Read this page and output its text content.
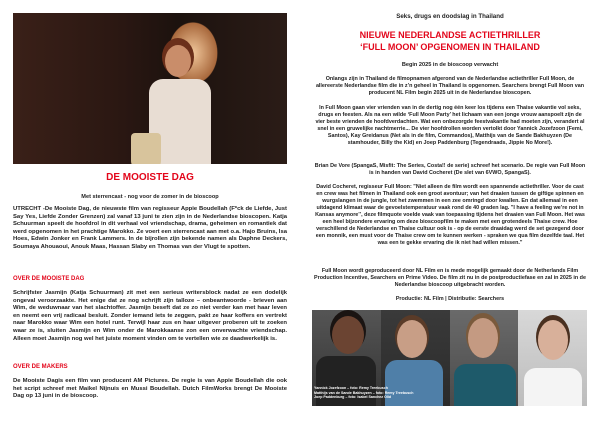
DE MOOISTE DAG
Met sterrencast - nog voor de zomer in de bioscoop

UTRECHT -De Mooiste Dag, de nieuwste film van regisseur Appie Boudellah (F*ck de Liefde, Just Say Yes, Liefde Zonder Grenzen) zal vanaf 13 juni te zien zijn in de Nederlandse bioscopen. Katja Schuurman speelt de hoofdrol in dit verhaal vol vriendschap, drama, geheimen en romantiek dat werd opgenomen in het prachtige Marokko. Ze voert een sterrencast aan met o.a. Hajo Bruins, Isa Hoes, Edwin Jonker en Frank Lammers. In de bijrollen zijn bekende namen als Daphne Deckers, Soumaya Ahouaoui, Anouk Maas, Hassan Slaby en Thomas van der Vlugt te spotten.

OVER DE MOOISTE DAG

Schrijfster Jasmijn (Katja Schuurman) zit met een serieus writersblock nadat ze een dodelijk ongeval veroorzaakte. Het enige dat ze nog schrijft zijn talloze – onbeantwoorde - brieven aan Wim, de weduwnaar van het slachtoffer. Jasmijn beseft dat ze zo niet verder kan met haar leven en neemt een vrij radicaal besluit. Zonder iemand iets te zeggen, pakt ze haar koffers en vertrekt naar Marokko waar Wim een hotel runt. Terwijl haar zus en haar uitgever proberen uit te zoeken waar ze is, sluiten Jasmijn en Wim onder de Marokkaanse zon een onverwachte vriendschap. Alleen moet Jasmijn nog wel het juiste moment vinden om te vertellen wie ze daadwerkelijk is.

OVER DE MAKERS

De Mooiste Dagis een film van producent AM Pictures. De regie is van Appie Boudellah die ook het script schreef met Maikel Nijnuis en Mussi Boudellah. Dutch FilmWorks brengt De Mooiste Dag op 13 juni in de bioscoop.

Seks, drugs en doodslag in Thailand
NIEUWE NEDERLANDSE ACTIETHRILLER
‘FULL MOON’ OPGENOMEN IN THAILAND
Begin 2025 in de bioscoop verwacht

Onlangs zijn in Thailand de filmopnamen afgerond van de Nederlandse actiethriller Full Moon, de allereerste Nederlandse film die in z’n geheel in Thailand is opgenomen. Searchers brengt Full Moon van producent NL Film begin 2025 uit in de Nederlandse bioscopen.

In Full Moon gaan vier vrienden van in de dertig nog één keer los tijdens een Thaise vakantie vol seks, drugs en feesten. Als na een wilde ‘Full Moon Party’ het lichaam van een jonge vrouw aanspoelt zijn de vier beste vrienden de hoofdverdachten. Wat een onbezorgde feestvakantie had moeten zijn, verandert al snel in een gruwelijke nachtmerrie... De vier hoofdrollen worden vertolkt door Yannick Jozefzoon (Femi, Santos), Kay Greidanus (Net als in de film, Commandos), Matthijs van de Sande Bakhuyzen (De stamhouder, Billy the Kid) en Joep Paddenburg (Tegendraads, Jippie No More!).

Brian De Vore (SpangaS, Misfit: The Series, Costa!! de serie) schreef het scenario. De regie van Full Moon is in handen van David Cocheret (De slet van 6VWO, SpangaS).

David Cocheret, regisseur Full Moon: "Niet alleen de film wordt een spannende actiethriller. Voor de cast en crew was het filmen in Thailand ook een groot avontuur; van het draaien tussen de giftige spinnen en wurgslangen in de jungle, tot het zwemmen in een zee omringd door kwallen. En dat allemaal in een uitdagend klimaat waar de gevoelstemperatuur vaak rond de 40 graden lag. "I have a feeling we’re not in Kansas anymore’’, deze filmquote voelde vaak van toepassing tijdens het draaien van Full Moon. Het was een heel bijzondere ervaring om deze bioscoopfilm te maken met een grotendeels Thaise crew. Hoe verschillend de Nederlandse en Thaise cultuur ook is - op de eerste draaidag werd de set gezegend door een monnik, een must voor de Thaise crew om te kunnen werken - spraken we qua film dezelfde taal. Het was een te gekke ervaring die ik niet had willen missen."

Full Moon wordt geproduceerd door NL Film en is mede mogelijk gemaakt door de Netherlands Film Production Incentive, Searchers en Prime Video. De film zit nu in de postproductiefase en zal in 2025 in de Nederlandse bioscoop uitgebracht worden.

Productie: NL Film | Distributie: Searchers

Yannick Jozefzoon – foto: Remy Treebusch
Matthijs van de Sande Bakhuyzen – foto: Remy Treebusch
Joep Paddenburg – foto: Isabel Sanchez Olid
